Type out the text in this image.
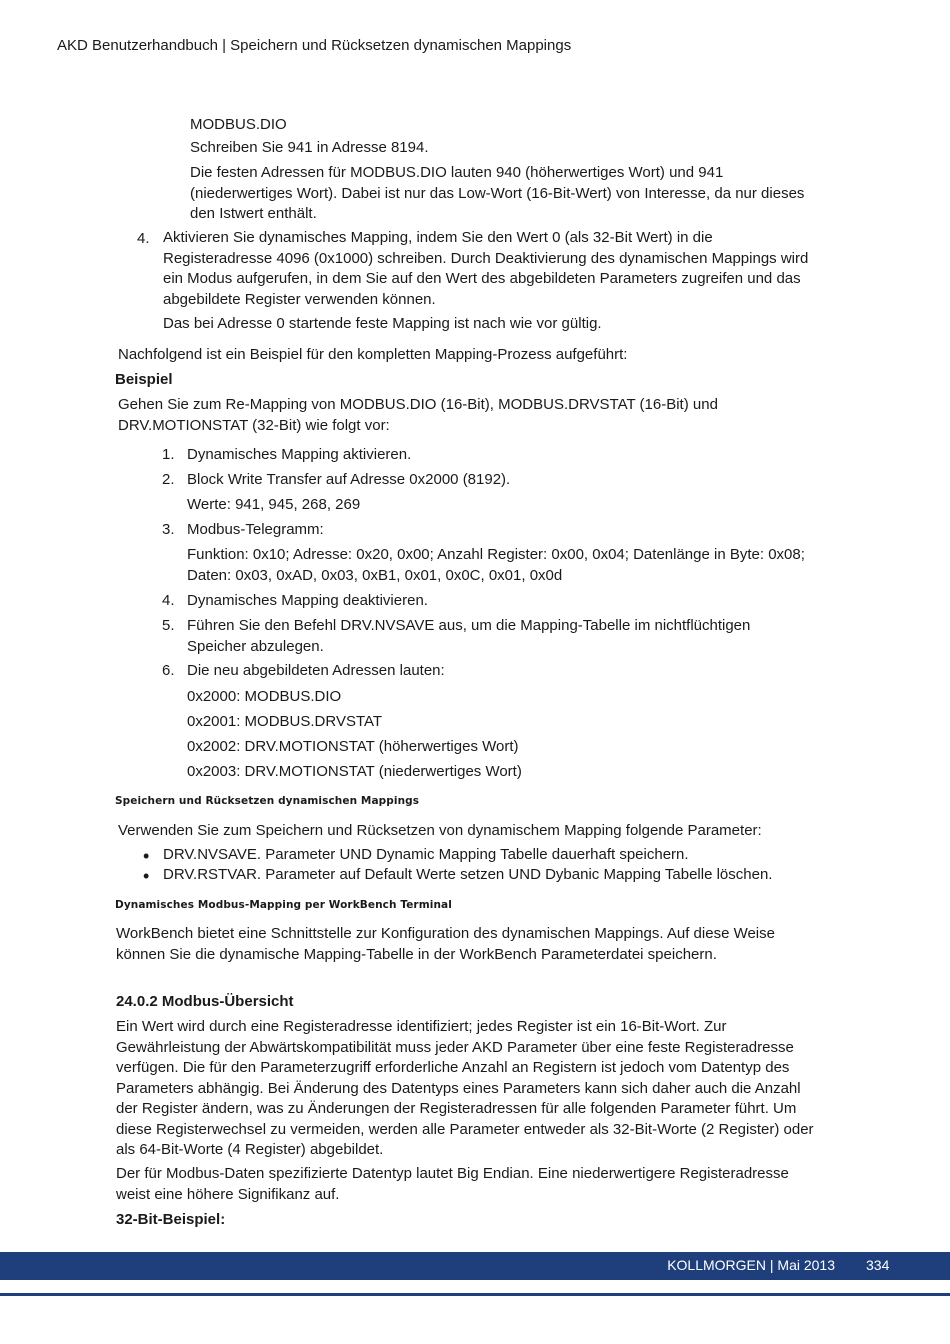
AKD Benutzerhandbuch | Speichern und Rücksetzen dynamischen Mappings
MODBUS.DIO
Schreiben Sie 941 in Adresse 8194.
Die festen Adressen für MODBUS.DIO lauten 940 (höherwertiges Wort) und 941
(niederwertiges Wort). Dabei ist nur das Low-Wort (16-Bit-Wert) von Interesse, da nur dieses
den Istwert enthält.
4. Aktivieren Sie dynamisches Mapping, indem Sie den Wert 0 (als 32-Bit Wert) in die
Registeradresse 4096 (0x1000) schreiben. Durch Deaktivierung des dynamischen Mappings wird
ein Modus aufgerufen, in dem Sie auf den Wert des abgebildeten Parameters zugreifen und das
abgebildete Register verwenden können.
Das bei Adresse 0 startende feste Mapping ist nach wie vor gültig.
Nachfolgend ist ein Beispiel für den kompletten Mapping-Prozess aufgeführt:
Beispiel
Gehen Sie zum Re-Mapping von MODBUS.DIO (16-Bit), MODBUS.DRVSTAT (16-Bit) und
DRV.MOTIONSTAT (32-Bit) wie folgt vor:
1. Dynamisches Mapping aktivieren.
2. Block Write Transfer auf Adresse 0x2000 (8192).
Werte: 941, 945, 268, 269
3. Modbus-Telegramm:
Funktion: 0x10; Adresse: 0x20, 0x00; Anzahl Register: 0x00, 0x04; Datenlänge in Byte: 0x08;
Daten: 0x03, 0xAD, 0x03, 0xB1, 0x01, 0x0C, 0x01, 0x0d
4. Dynamisches Mapping deaktivieren.
5. Führen Sie den Befehl DRV.NVSAVE aus, um die Mapping-Tabelle im nichtflüchtigen
Speicher abzulegen.
6. Die neu abgebildeten Adressen lauten:
0x2000: MODBUS.DIO
0x2001: MODBUS.DRVSTAT
0x2002: DRV.MOTIONSTAT (höherwertiges Wort)
0x2003: DRV.MOTIONSTAT (niederwertiges Wort)
Speichern und Rücksetzen dynamischen Mappings
Verwenden Sie zum Speichern und Rücksetzen von dynamischem Mapping folgende Parameter:
• DRV.NVSAVE. Parameter UND Dynamic Mapping Tabelle dauerhaft speichern.
• DRV.RSTVAR. Parameter auf Default Werte setzen UND Dybanic Mapping Tabelle löschen.
Dynamisches Modbus-Mapping per WorkBench Terminal
WorkBench bietet eine Schnittstelle zur Konfiguration des dynamischen Mappings. Auf diese Weise
können Sie die dynamische Mapping-Tabelle in der WorkBench Parameterdatei speichern.
24.0.2 Modbus-Übersicht
Ein Wert wird durch eine Registeradresse identifiziert; jedes Register ist ein 16-Bit-Wort. Zur
Gewährleistung der Abwärtskompatibilität muss jeder AKD Parameter über eine feste Registeradresse
verfügen. Die für den Parameterzugriff erforderliche Anzahl an Registern ist jedoch vom Datentyp des
Parameters abhängig. Bei Änderung des Datentyps eines Parameters kann sich daher auch die Anzahl
der Register ändern, was zu Änderungen der Registeradressen für alle folgenden Parameter führt. Um
diese Registerwechsel zu vermeiden, werden alle Parameter entweder als 32-Bit-Worte (2 Register) oder
als 64-Bit-Worte (4 Register) abgebildet.
Der für Modbus-Daten spezifizierte Datentyp lautet Big Endian. Eine niederwertigere Registeradresse
weist eine höhere Signifikanz auf.
32-Bit-Beispiel:
KOLLMORGEN | Mai 2013 334
